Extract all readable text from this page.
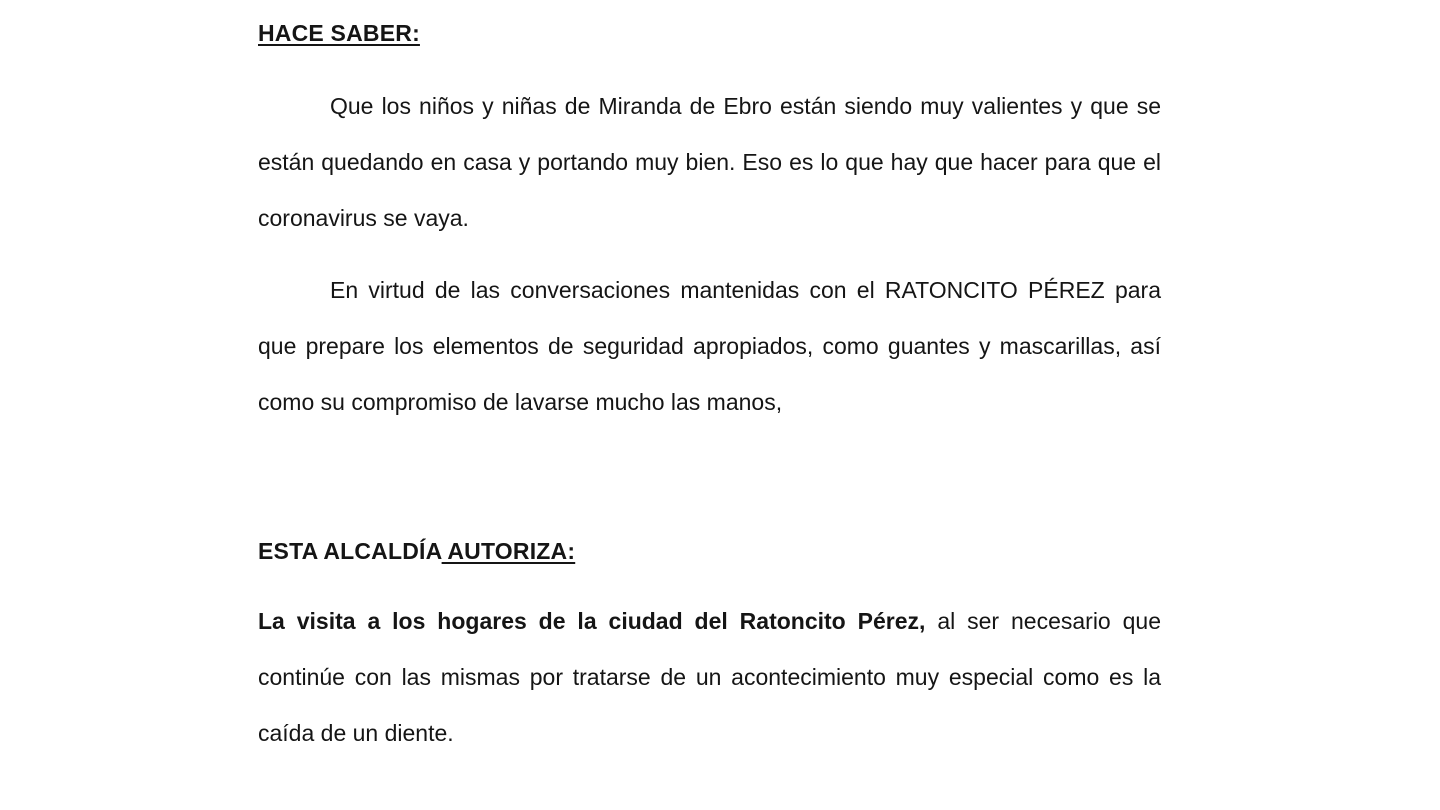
HACE SABER:

Que los niños y niñas de Miranda de Ebro están siendo muy valientes y que se están quedando en casa y portando muy bien. Eso es lo que hay que hacer para que el coronavirus se vaya.

En virtud de las conversaciones mantenidas con el RATONCITO PÉREZ para que prepare los elementos de seguridad apropiados, como guantes y mascarillas, así como su compromiso de lavarse mucho las manos,

ESTA ALCALDÍA AUTORIZA:

La visita a los hogares de la ciudad del Ratoncito Pérez, al ser necesario que continúe con las mismas por tratarse de un acontecimiento muy especial como es la caída de un diente.
